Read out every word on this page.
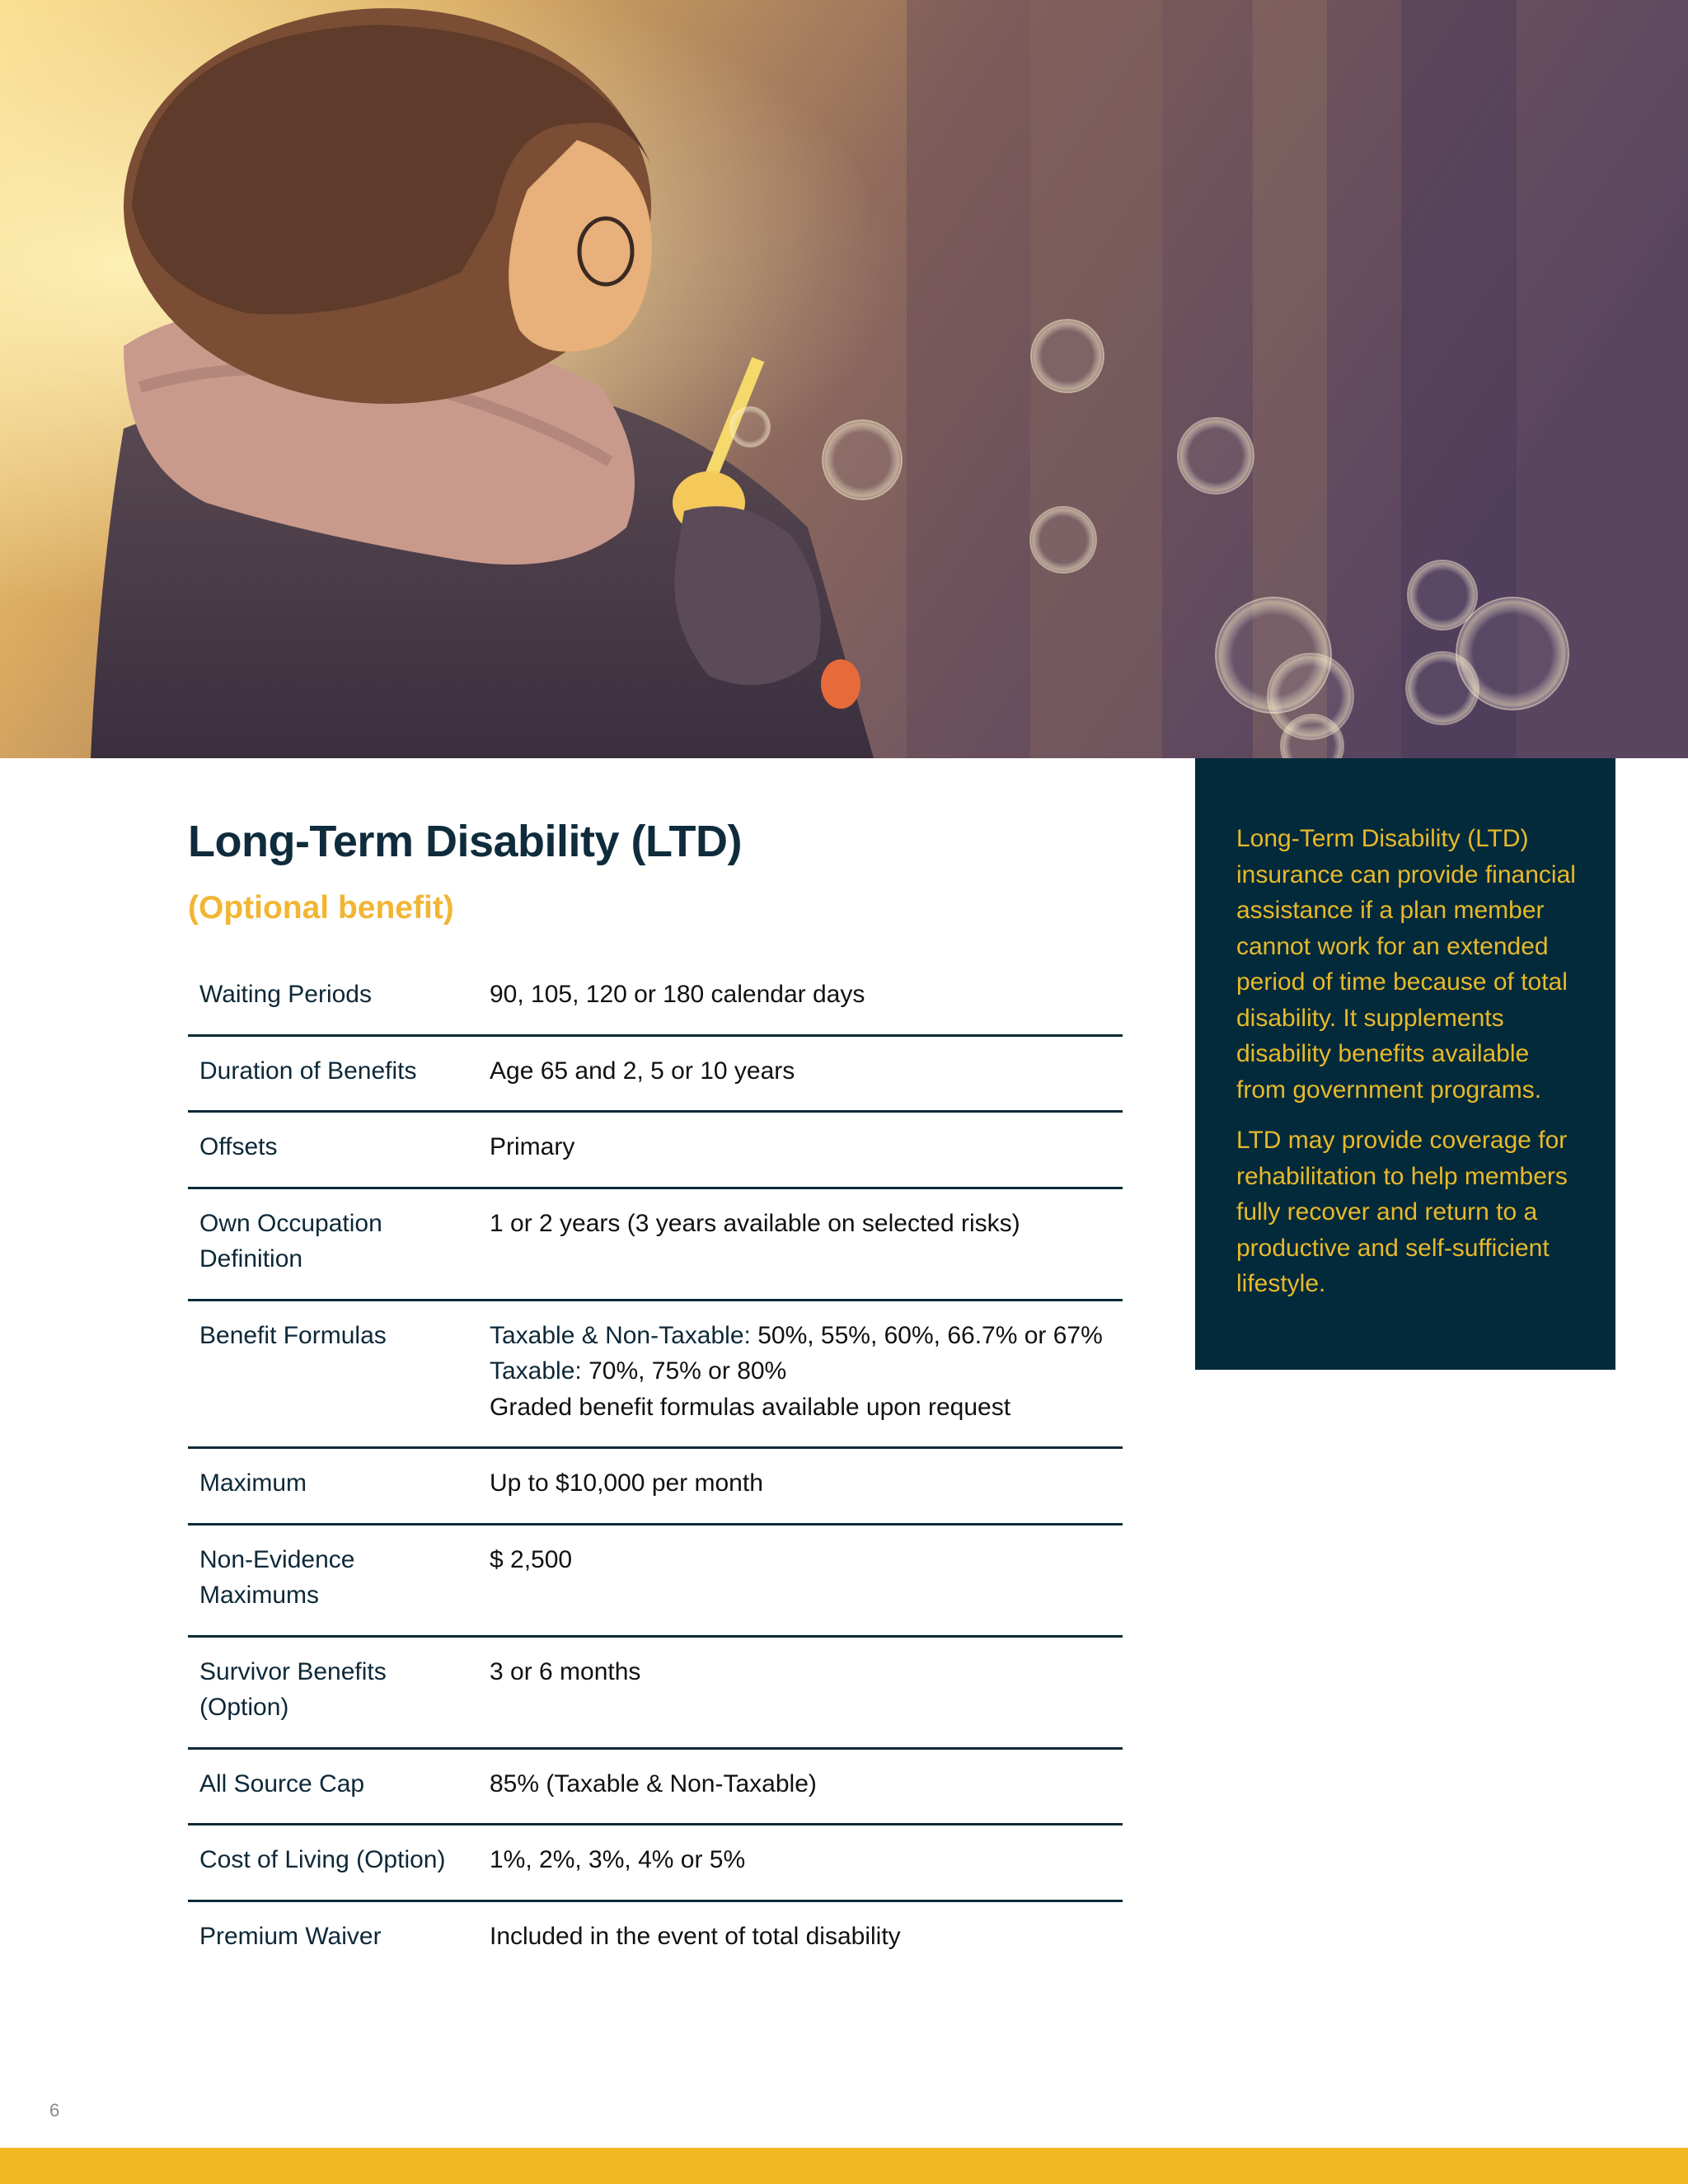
Long-Term Disability (LTD) insurance can provide financial assistance if a plan member cannot work for an extended period of time because of total disability. It supplements disability benefits available from government programs.

LTD may provide coverage for rehabilitation to help members fully recover and return to a productive and self-sufficient lifestyle.

Long-Term Disability (LTD)
(Optional benefit)
Waiting Periods	90, 105, 120 or 180 calendar days
Duration of Benefits	Age 65 and 2, 5 or 10 years
Offsets	Primary
Own Occupation Definition	1 or 2 years (3 years available on selected risks)
Benefit Formulas	Taxable & Non-Taxable: 50%, 55%, 60%, 66.7% or 67%
Taxable: 70%, 75% or 80%
Graded benefit formulas available upon request

Maximum	Up to $10,000 per month
Non-Evidence Maximums	$ 2,500
Survivor Benefits (Option)	3 or 6 months
All Source Cap	85% (Taxable & Non-Taxable)
Cost of Living (Option)	1%, 2%, 3%, 4% or 5%
Premium Waiver	Included in the event of total disability
6
